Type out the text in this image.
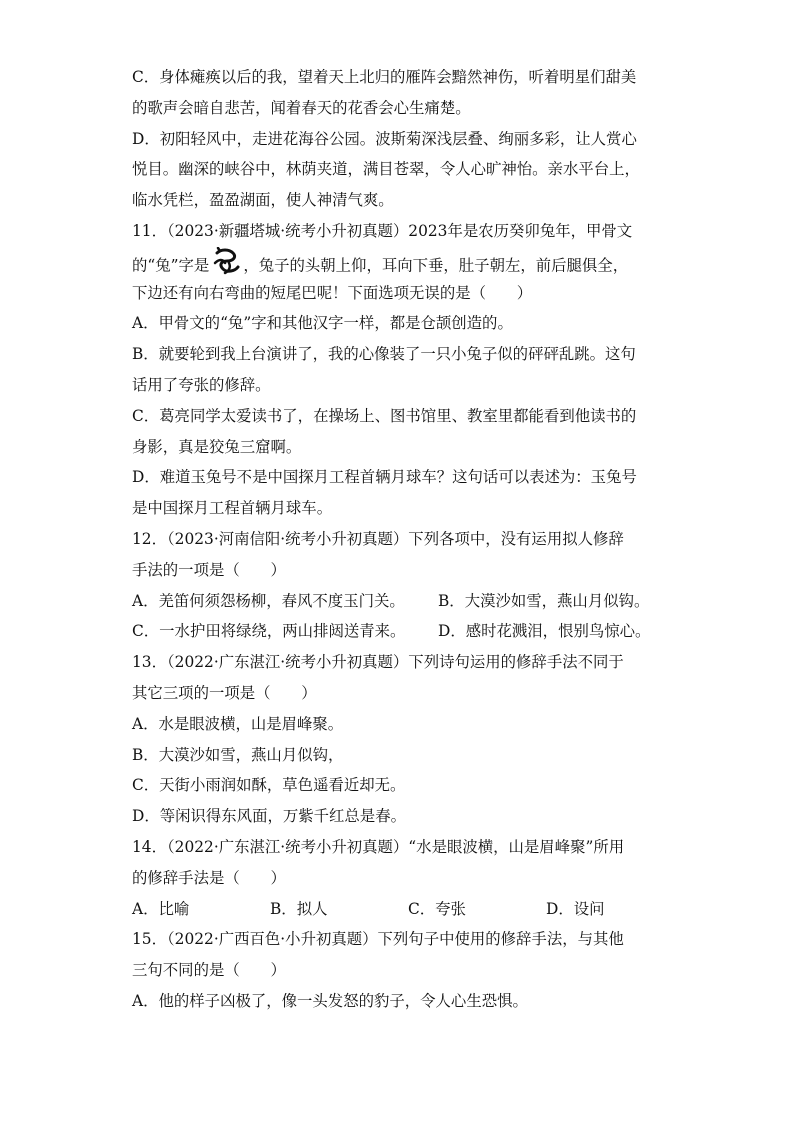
C．身体瘫痪以后的我，望着天上北归的雁阵会黯然神伤，听着明星们甜美
的歌声会暗自悲苦，闻着春天的花香会心生痛楚。
D．初阳轻风中，走进花海谷公园。波斯菊深浅层叠、绚丽多彩，让人赏心
悦目。幽深的峡谷中，林荫夹道，满目苍翠，令人心旷神怡。亲水平台上，
临水凭栏，盈盈湖面，使人神清气爽。
11．（2023·新疆塔城·统考小升初真题）2023年是农历癸卯兔年，甲骨文
的“兔”字是 ，兔子的头朝上仰，耳向下垂，肚子朝左，前后腿俱全，
下边还有向右弯曲的短尾巴呢！下面选项无误的是（　　）
A．甲骨文的“兔”字和其他汉字一样，都是仓颉创造的。
B．就要轮到我上台演讲了，我的心像装了一只小兔子似的砰砰乱跳。这句
话用了夸张的修辞。
C．葛亮同学太爱读书了，在操场上、图书馆里、教室里都能看到他读书的
身影，真是狡兔三窟啊。
D．难道玉兔号不是中国探月工程首辆月球车？这句话可以表述为：玉兔号
是中国探月工程首辆月球车。
12．（2023·河南信阳·统考小升初真题）下列各项中，没有运用拟人修辞
手法的一项是（　　）
A．羌笛何须怨杨柳，春风不度玉门关。	B．大漠沙如雪，燕山月似钩。
C．一水护田将绿绕，两山排闼送青来。	D．感时花溅泪，恨别鸟惊心。
13．（2022·广东湛江·统考小升初真题）下列诗句运用的修辞手法不同于
其它三项的一项是（　　）
A．水是眼波横，山是眉峰聚。
B．大漠沙如雪，燕山月似钩，
C．天街小雨润如酥，草色遥看近却无。
D．等闲识得东风面，万紫千红总是春。
14．（2022·广东湛江·统考小升初真题）“水是眼波横，山是眉峰聚”所用
的修辞手法是（　　）
A．比喻	B．拟人	C．夸张	D．设问
15．（2022·广西百色·小升初真题）下列句子中使用的修辞手法，与其他
三句不同的是（　　）
A．他的样子凶极了，像一头发怒的豹子，令人心生恐惧。
